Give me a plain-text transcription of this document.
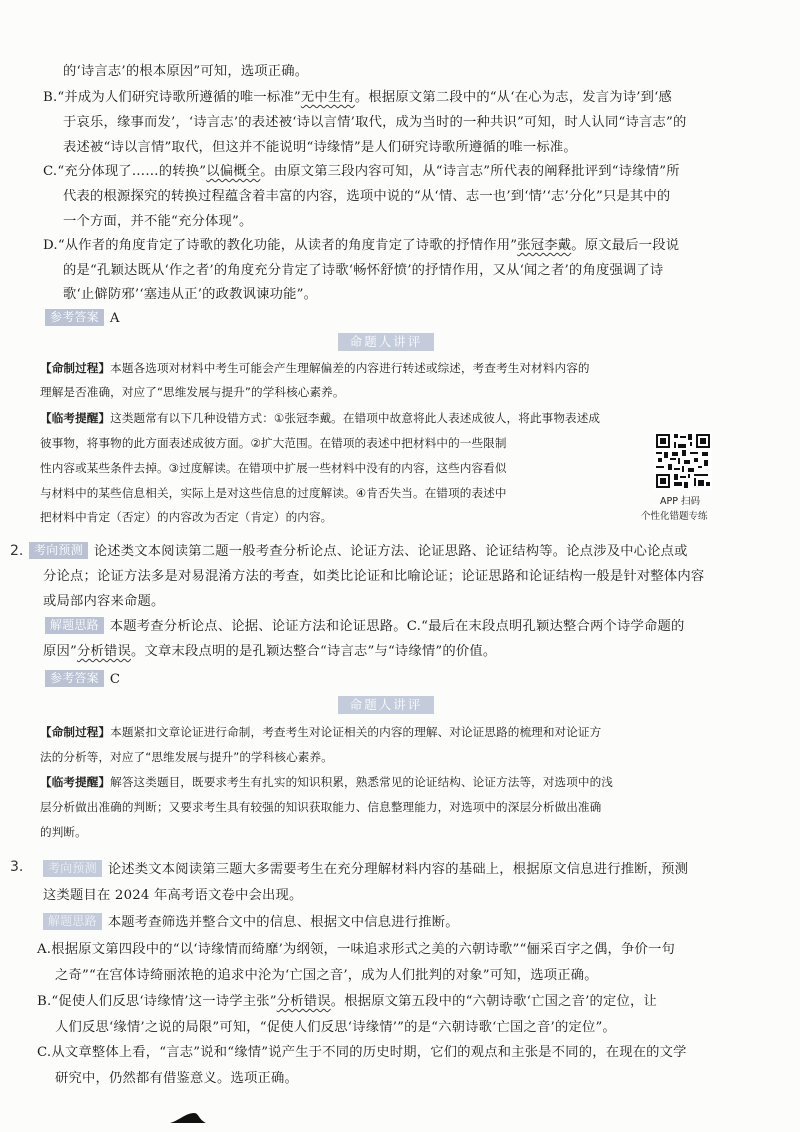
的‘诗言志’的根本原因”可知，选项正确。
B.“并成为人们研究诗歌所遵循的唯一标准”无中生有。根据原文第二段中的“从‘在心为志，发言为诗’到‘感
于哀乐，缘事而发’，‘诗言志’的表述被‘诗以言情’取代，成为当时的一种共识”可知，时人认同“诗言志”的
表述被“诗以言情”取代，但这并不能说明“诗缘情”是人们研究诗歌所遵循的唯一标准。
C.“充分体现了……的转换”以偏概全。由原文第三段内容可知，从“诗言志”所代表的阐释批评到“诗缘情”所
代表的根源探究的转换过程蕴含着丰富的内容，选项中说的“从‘情、志一也’到‘情’‘志’分化”只是其中的
一个方面，并不能“充分体现”。
D.“从作者的角度肯定了诗歌的教化功能，从读者的角度肯定了诗歌的抒情作用”张冠李戴。原文最后一段说
的是“孔颖达既从‘作之者’的角度充分肯定了诗歌‘畅怀舒愤’的抒情作用，又从‘闻之者’的角度强调了诗
歌‘止僻防邪’‘塞违从正’的政教讽谏功能”。
参考答案 A
命题人讲评
【命制过程】本题各选项对材料中考生可能会产生理解偏差的内容进行转述或综述，考查考生对材料内容的
理解是否准确，对应了“思维发展与提升”的学科核心素养。
【临考提醒】这类题常有以下几种设错方式：①张冠李戴。在错项中故意将此人表述成彼人，将此事物表述成
彼事物，将事物的此方面表述成彼方面。②扩大范围。在错项的表述中把材料中的一些限制
性内容或某些条件去掉。③过度解读。在错项中扩展一些材料中没有的内容，这些内容看似
与材料中的某些信息相关，实际上是对这些信息的过度解读。④肯否失当。在错项的表述中
把材料中肯定（否定）的内容改为否定（肯定）的内容。
APP 扫码
个性化错题专练
2. 考向预测 论述类文本阅读第二题一般考查分析论点、论证方法、论证思路、论证结构等。论点涉及中心论点或
分论点；论证方法多是对易混淆方法的考查，如类比论证和比喻论证；论证思路和论证结构一般是针对整体内容
或局部内容来命题。
解题思路 本题考查分析论点、论据、论证方法和论证思路。C.“最后在末段点明孔颖达整合两个诗学命题的
原因”分析错误。文章末段点明的是孔颖达整合“诗言志”与“诗缘情”的价值。
参考答案 C
命题人讲评
【命制过程】本题紧扣文章论证进行命制，考查考生对论证相关的内容的理解、对论证思路的梳理和对论证方
法的分析等，对应了“思维发展与提升”的学科核心素养。
【临考提醒】解答这类题目，既要求考生有扎实的知识积累，熟悉常见的论证结构、论证方法等，对选项中的浅
层分析做出准确的判断；又要求考生具有较强的知识获取能力、信息整理能力，对选项中的深层分析做出准确
的判断。
3.	考向预测 论述类文本阅读第三题大多需要考生在充分理解材料内容的基础上，根据原文信息进行推断，预测
这类题目在 2024 年高考语文卷中会出现。
解题思路 本题考查筛选并整合文中的信息、根据文中信息进行推断。
A.根据原文第四段中的“以‘诗缘情而绮靡’为纲领，一味追求形式之美的六朝诗歌”“俪采百字之偶，争价一句
之奇”“在宫体诗绮丽浓艳的追求中沦为‘亡国之音’，成为人们批判的对象”可知，选项正确。
B.“促使人们反思‘诗缘情’这一诗学主张”分析错误。根据原文第五段中的“六朝诗歌‘亡国之音’的定位，让
人们反思‘缘情’之说的局限”可知，“促使人们反思‘诗缘情’”的是“六朝诗歌‘亡国之音’的定位”。
C.从文章整体上看，“言志”说和“缘情”说产生于不同的历史时期，它们的观点和主张是不同的，在现在的文学
研究中，仍然都有借鉴意义。选项正确。
